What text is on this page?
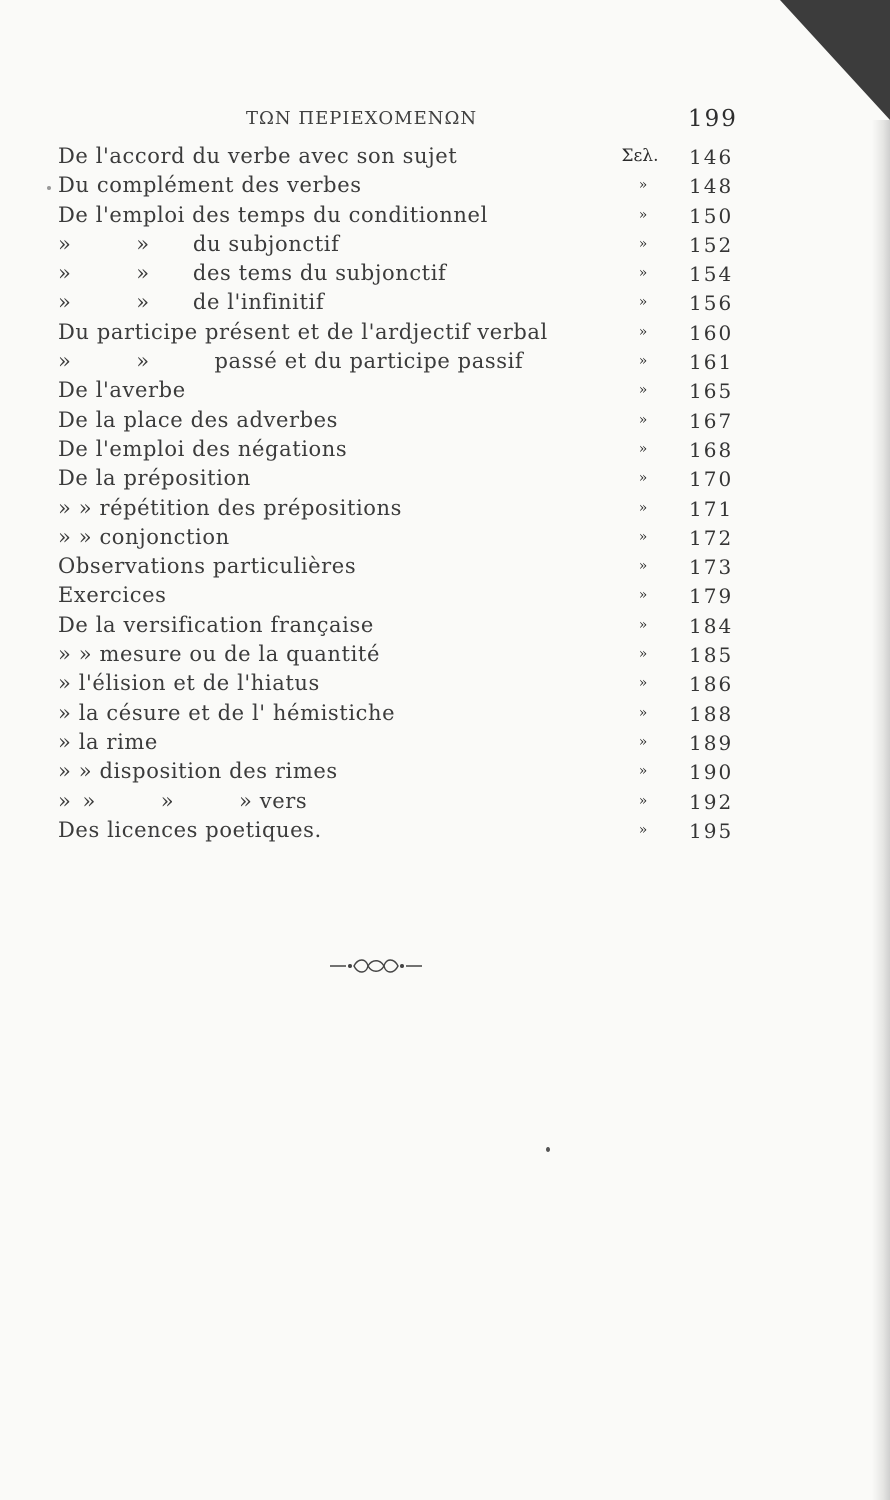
ΤΩΝ ΠΕΡΙΕΧΟΜΕΝΩΝ	199
De l'accord du verbe avec son sujet	Σελ.	146
Du complément des verbes	»	148
De l'emploi des temps du conditionnel	»	150
»   »  du subjonctif	»	152
»   »  des tems du subjonctif	»	154
»   »  de l'infinitif	»	156
Du participe présent et de l'ardjectif verbal	»	160
»   »   passé et du participe passif	»	161
De l'averbe	»	165
De la place des adverbes	»	167
De l'emploi des négations	»	168
De la préposition	»	170
» » répétition des prépositions	»	171
» » conjonction	»	172
Observations particulières	»	173
Exercices	»	179
De la versification française	»	184
» » mesure ou de la quantité	»	185
» l'élision et de l'hiatus	»	186
» la césure et de l' hémistiche	»	188
» la rime	»	189
» » disposition des rimes	»	190
» »   »   » vers	»	192
Des licences poetiques.	»	195
